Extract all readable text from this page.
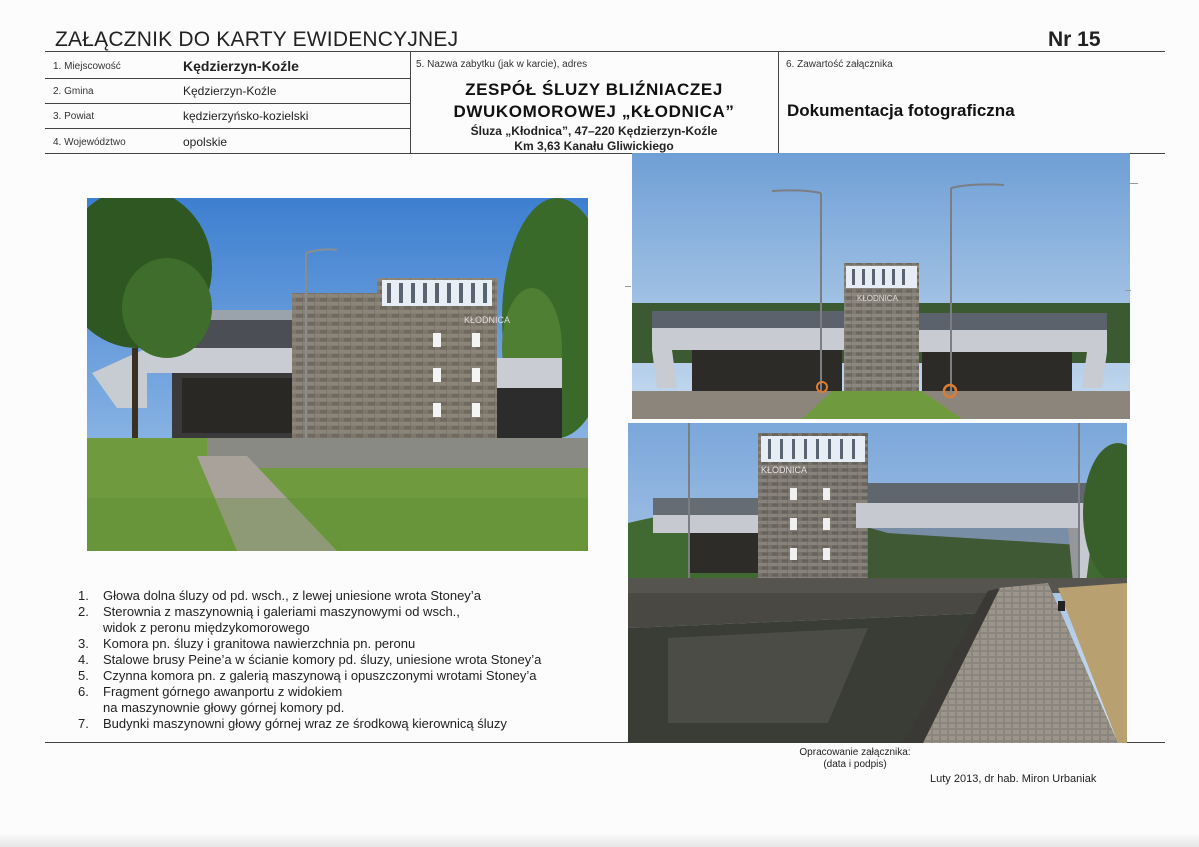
ZAŁĄCZNIK DO KARTY EWIDENCYJNEJ	Nr 15
1. Miejscowość	Kędzierzyn-Koźle
2. Gmina	Kędzierzyn-Koźle
3. Powiat	kędzierzyńsko-kozielski
4. Województwo	opolskie
5. Nazwa zabytku (jak w karcie), adres
ZESPÓŁ ŚLUZY BLIŹNIACZEJ
DWUKOMOROWEJ „KŁODNICA”
Śluza „Kłodnica”, 47–220 Kędzierzyn-Koźle
Km 3,63 Kanału Gliwickiego
6. Zawartość załącznika
Dokumentacja fotograficzna
KŁODNICA
KŁODNICA
KŁODNICA
1. Głowa dolna śluzy od pd. wsch., z lewej uniesione wrota Stoney’a
2. Sterownia z maszynownią i galeriami maszynowymi od wsch.,
widok z peronu międzykomorowego
3. Komora pn. śluzy i granitowa nawierzchnia pn. peronu
4. Stalowe brusy Peine’a w ścianie komory pd. śluzy, uniesione wrota Stoney’a
5. Czynna komora pn. z galerią maszynową i opuszczonymi wrotami Stoney’a
6. Fragment górnego awanportu z widokiem
na maszynownie głowy górnej komory pd.
7. Budynki maszynowni głowy górnej wraz ze środkową kierownicą śluzy
Opracowanie załącznika:
(data i podpis)
Luty 2013, dr hab. Miron Urbaniak
